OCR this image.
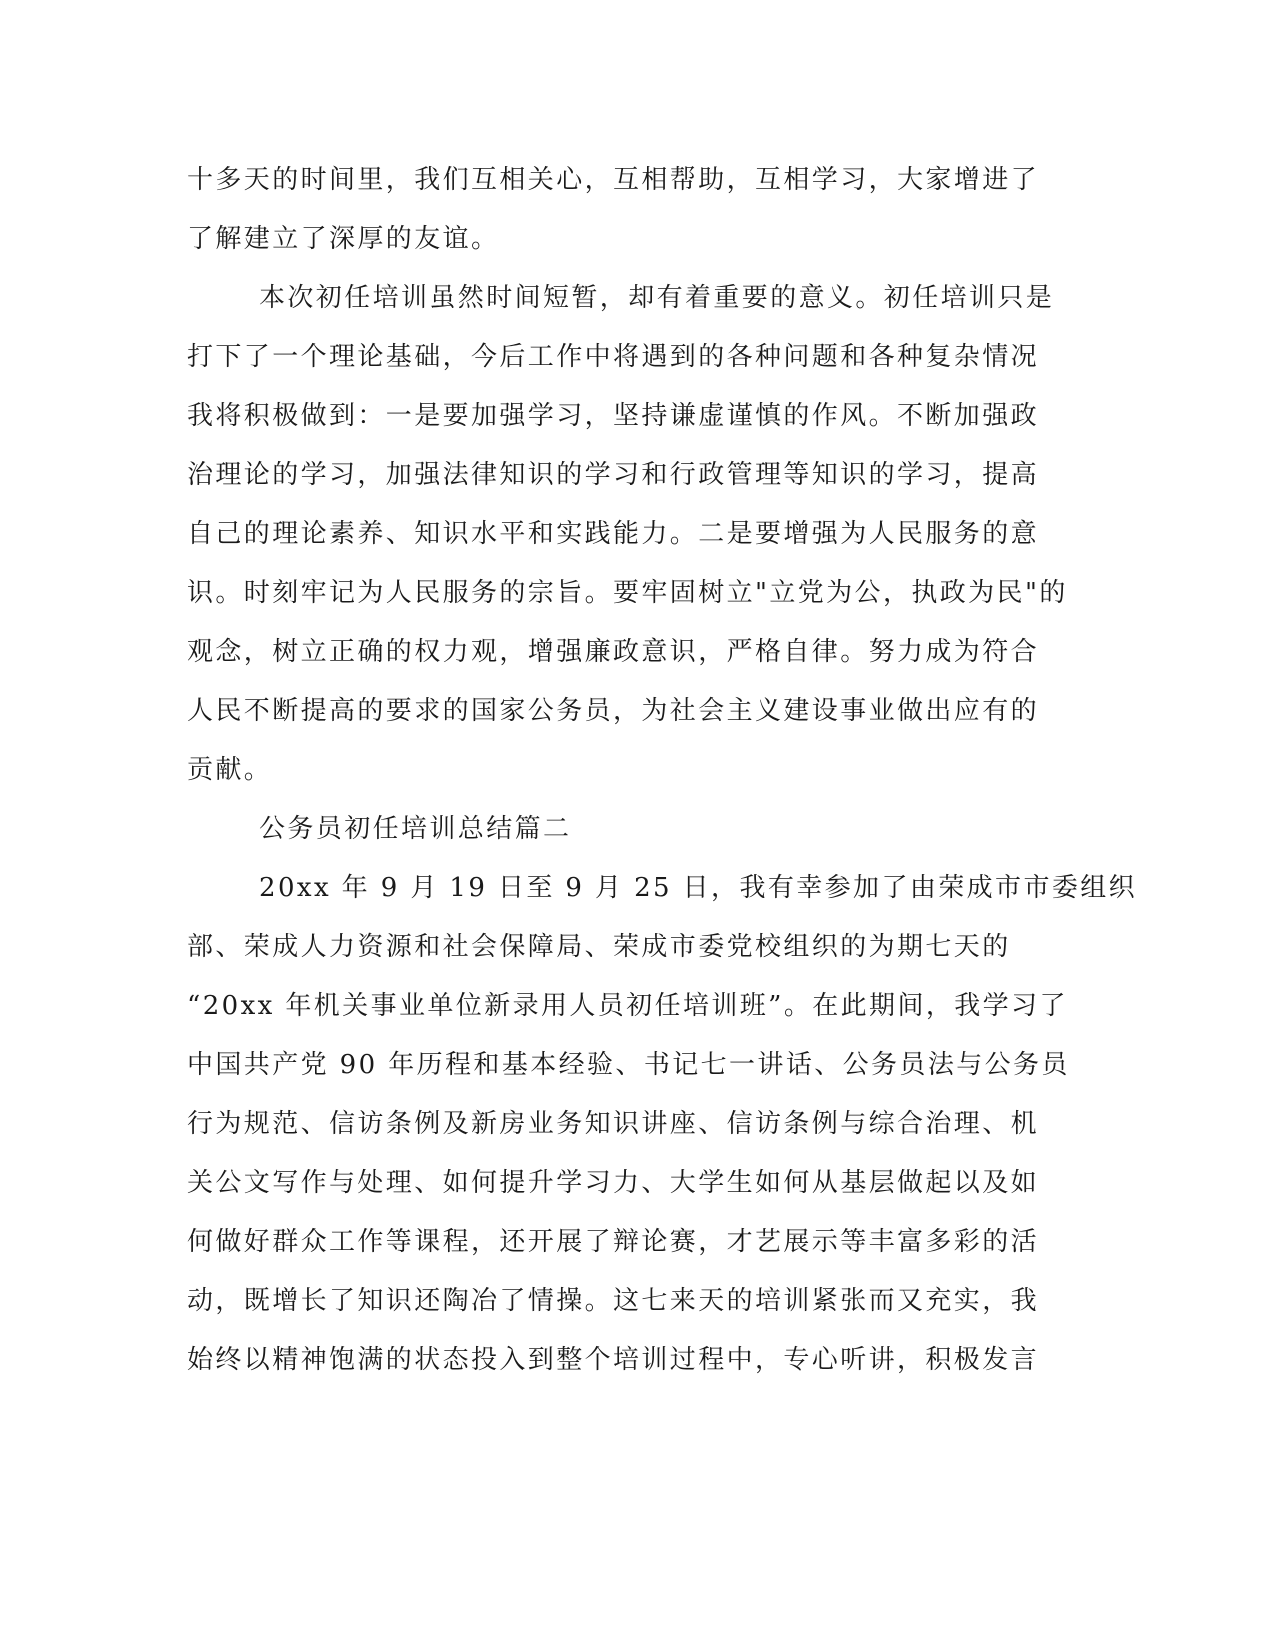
十多天的时间里，我们互相关心，互相帮助，互相学习，大家增进了

了解建立了深厚的友谊。

本次初任培训虽然时间短暂，却有着重要的意义。初任培训只是

打下了一个理论基础，今后工作中将遇到的各种问题和各种复杂情况

我将积极做到：一是要加强学习，坚持谦虚谨慎的作风。不断加强政

治理论的学习，加强法律知识的学习和行政管理等知识的学习，提高

自己的理论素养、知识水平和实践能力。二是要增强为人民服务的意

识。时刻牢记为人民服务的宗旨。要牢固树立"立党为公，执政为民"的

观念，树立正确的权力观，增强廉政意识，严格自律。努力成为符合

人民不断提高的要求的国家公务员，为社会主义建设事业做出应有的

贡献。

公务员初任培训总结篇二

20xx 年 9 月 19 日至 9 月 25 日，我有幸参加了由荣成市市委组织

部、荣成人力资源和社会保障局、荣成市委党校组织的为期七天的

“20xx 年机关事业单位新录用人员初任培训班”。在此期间，我学习了

中国共产党 90 年历程和基本经验、书记七一讲话、公务员法与公务员

行为规范、信访条例及新房业务知识讲座、信访条例与综合治理、机

关公文写作与处理、如何提升学习力、大学生如何从基层做起以及如

何做好群众工作等课程，还开展了辩论赛，才艺展示等丰富多彩的活

动，既增长了知识还陶冶了情操。这七来天的培训紧张而又充实，我

始终以精神饱满的状态投入到整个培训过程中，专心听讲，积极发言
